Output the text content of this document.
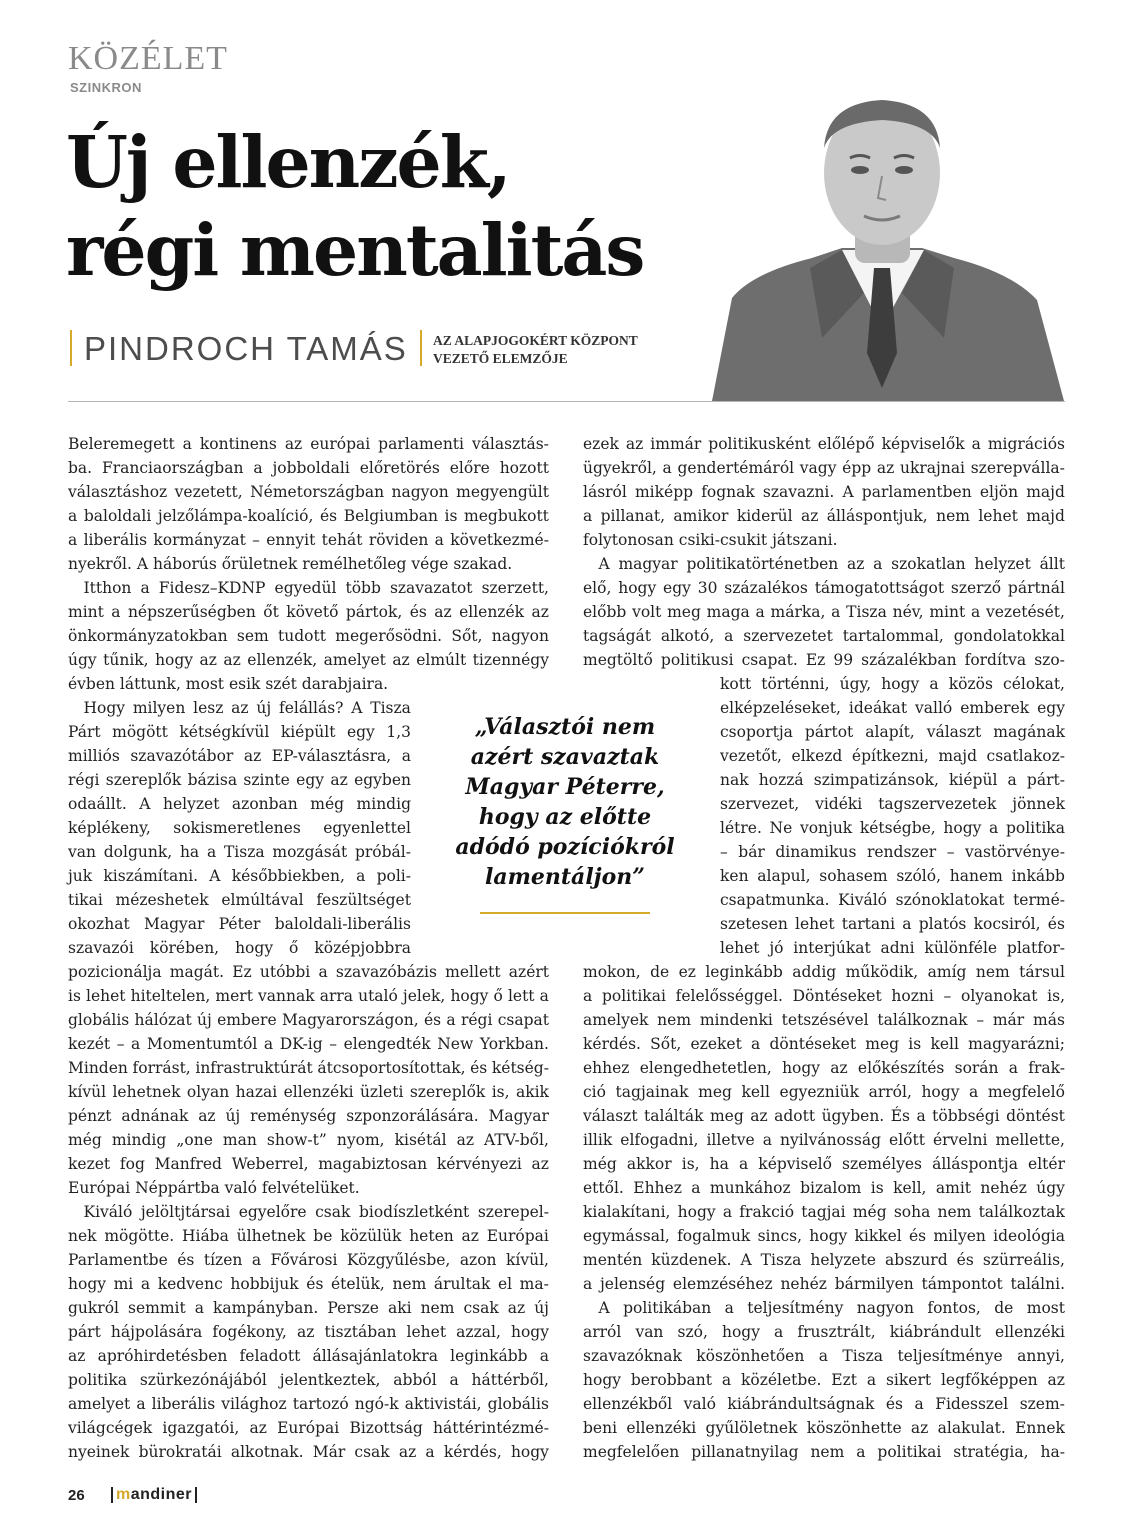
KÖZÉLET
SZINKRON
Új ellenzék,
régi mentalitás
PINDROCH TAMÁS	AZ ALAPJOGOKÉRT KÖZPONT
VEZETŐ ELEMZŐJE
Beleremegett a kontinens az európai parlamenti választás-
ba. Franciaországban a jobboldali előretörés előre hozott
választáshoz vezetett, Németországban nagyon megyengült
a baloldali jelzőlámpa-koalíció, és Belgiumban is megbukott
a liberális kormányzat – ennyit tehát röviden a következmé-
nyekről. A háborús őrületnek remélhetőleg vége szakad.
 Itthon a Fidesz–KDNP egyedül több szavazatot szerzett,
mint a népszerűségben őt követő pártok, és az ellenzék az
önkormányzatokban sem tudott megerősödni. Sőt, nagyon
úgy tűnik, hogy az az ellenzék, amelyet az elmúlt tizennégy
évben láttunk, most esik szét darabjaira.
 Hogy milyen lesz az új felállás? A Tisza
Párt mögött kétségkívül kiépült egy 1,3
milliós szavazótábor az EP-választásra, a
régi szereplők bázisa szinte egy az egyben
odaállt. A helyzet azonban még mindig
képlékeny, sokismeretlenes egyenlettel
van dolgunk, ha a Tisza mozgását próbál-
juk kiszámítani. A későbbiekben, a poli-
tikai mézeshetek elmúltával feszültséget
okozhat Magyar Péter baloldali-liberális
szavazói körében, hogy ő középjobbra
pozicionálja magát. Ez utóbbi a szavazóbázis mellett azért
is lehet hiteltelen, mert vannak arra utaló jelek, hogy ő lett a
globális hálózat új embere Magyarországon, és a régi csapat
kezét – a Momentumtól a DK-ig – elengedték New Yorkban.
Minden forrást, infrastruktúrát átcsoportosítottak, és kétség-
kívül lehetnek olyan hazai ellenzéki üzleti szereplők is, akik
pénzt adnának az új reménység szponzorálására. Magyar
még mindig „one man show-t” nyom, kisétál az ATV-ből,
kezet fog Manfred Weberrel, magabiztosan kérvényezi az
Európai Néppártba való felvételüket.
 Kiváló jelöltjtársai egyelőre csak biodíszletként szerepel-
nek mögötte. Hiába ülhetnek be közülük heten az Európai
Parlamentbe és tízen a Fővárosi Közgyűlésbe, azon kívül,
hogy mi a kedvenc hobbijuk és ételük, nem árultak el ma-
gukról semmit a kampányban. Persze aki nem csak az új
párt hájpolására fogékony, az tisztában lehet azzal, hogy
az apróhirdetésben feladott állásajánlatokra leginkább a
politika szürkezónájából jelentkeztek, abból a háttérből,
amelyet a liberális világhoz tartozó ngó-k aktivistái, globális
világcégek igazgatói, az Európai Bizottság háttérintézmé-
nyeinek bürokratái alkotnak. Már csak az a kérdés, hogy
„Választói nem
azért szavaztak
Magyar Péterre,
hogy az előtte
adódó pozíciókról
lamentáljon”
ezek az immár politikusként előlépő képviselők a migrációs
ügyekről, a gendertémáról vagy épp az ukrajnai szerepválla-
lásról miképp fognak szavazni. A parlamentben eljön majd
a pillanat, amikor kiderül az álláspontjuk, nem lehet majd
folytonosan csiki-csukit játszani.
 A magyar politikatörténetben az a szokatlan helyzet állt
elő, hogy egy 30 százalékos támogatottságot szerző pártnál
előbb volt meg maga a márka, a Tisza név, mint a vezetését,
tagságát alkotó, a szervezetet tartalommal, gondolatokkal
megtöltő politikusi csapat. Ez 99 százalékban fordítva szo-
kott történni, úgy, hogy a közös célokat,
elképzeléseket, ideákat valló emberek egy
csoportja pártot alapít, választ magának
vezetőt, elkezd építkezni, majd csatlakoz-
nak hozzá szimpatizánsok, kiépül a párt-
szervezet, vidéki tagszervezetek jönnek
létre. Ne vonjuk kétségbe, hogy a politika
– bár dinamikus rendszer – vastörvénye-
ken alapul, sohasem szóló, hanem inkább
csapatmunka. Kiváló szónoklatokat termé-
szetesen lehet tartani a platós kocsiról, és
lehet jó interjúkat adni különféle platfor-
mokon, de ez leginkább addig működik, amíg nem társul
a politikai felelősséggel. Döntéseket hozni – olyanokat is,
amelyek nem mindenki tetszésével találkoznak – már más
kérdés. Sőt, ezeket a döntéseket meg is kell magyarázni;
ehhez elengedhetetlen, hogy az előkészítés során a frak-
ció tagjainak meg kell egyezniük arról, hogy a megfelelő
választ találták meg az adott ügyben. És a többségi döntést
illik elfogadni, illetve a nyilvánosság előtt érvelni mellette,
még akkor is, ha a képviselő személyes álláspontja eltér
ettől. Ehhez a munkához bizalom is kell, amit nehéz úgy
kialakítani, hogy a frakció tagjai még soha nem találkoztak
egymással, fogalmuk sincs, hogy kikkel és milyen ideológia
mentén küzdenek. A Tisza helyzete abszurd és szürreális,
a jelenség elemzéséhez nehéz bármilyen támpontot találni.
 A politikában a teljesítmény nagyon fontos, de most
arról van szó, hogy a frusztrált, kiábrándult ellenzéki
szavazóknak köszönhetően a Tisza teljesítménye annyi,
hogy berobbant a közéletbe. Ezt a sikert legfőképpen az
ellenzékből való kiábrándultságnak és a Fidesszel szem-
beni ellenzéki gyűlöletnek köszönhette az alakulat. Ennek
megfelelően pillanatnyilag nem a politikai stratégia, ha-
26 m andiner
